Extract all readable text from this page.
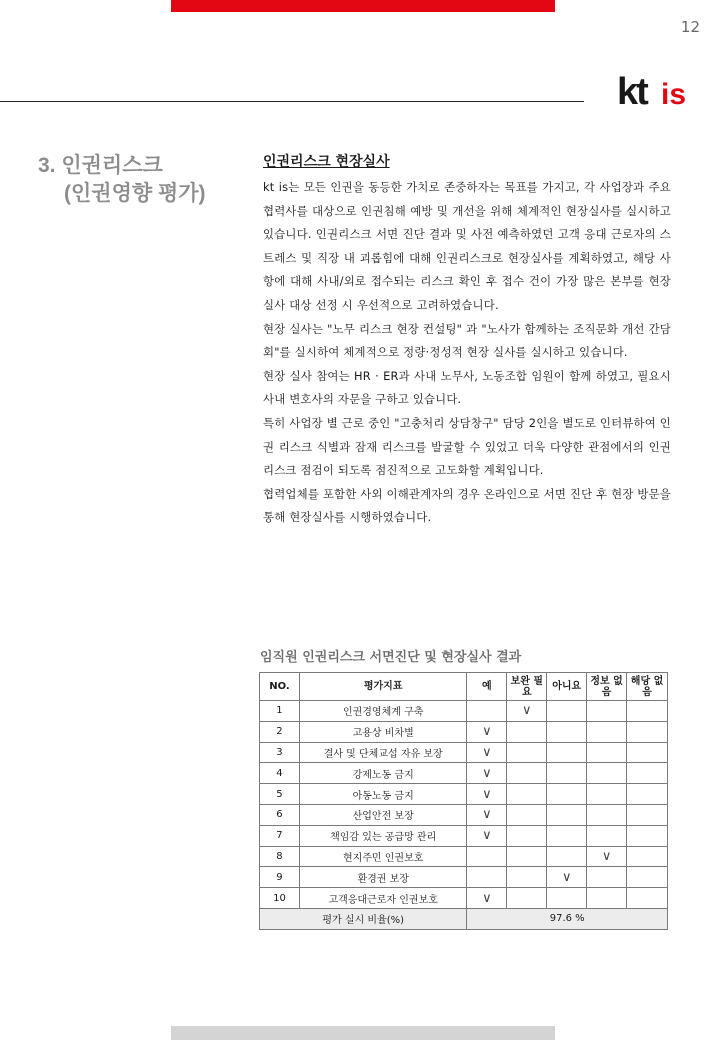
12
kt is
3. 인권리스크
(인권영향 평가)
인권리스크 현장실사

kt is는 모든 인권을 동등한 가치로 존중하자는 목표를 가지고, 각 사업장과 주요 협력사를 대상으로 인권침해 예방 및 개선을 위해 체계적인 현장실사를 실시하고 있습니다. 인권리스크 서면 진단 결과 및 사전 예측하였던 고객 응대 근로자의 스트레스 및 직장 내 괴롭힘에 대해 인권리스크로 현장실사를 계획하였고, 해당 사항에 대해 사내/외로 접수되는 리스크 확인 후 접수 건이 가장 많은 본부를 현장실사 대상 선정 시 우선적으로 고려하였습니다.

현장 실사는 "노무 리스크 현장 컨설팅" 과 "노사가 함께하는 조직문화 개선 간담회"를 실시하여 체계적으로 정량·정성적 현장 실사를 실시하고 있습니다.

현장 실사 참여는 HR · ER과 사내 노무사, 노동조합 임원이 함께 하였고, 필요시 사내 변호사의 자문을 구하고 있습니다.

특히 사업장 별 근로 중인 "고충처리 상담창구" 담당 2인을 별도로 인터뷰하여 인권 리스크 식별과 잠재 리스크를 발굴할 수 있었고 더욱 다양한 관점에서의 인권 리스크 점검이 되도록 점진적으로 고도화할 계획입니다.

협력업체를 포함한 사외 이해관계자의 경우 온라인으로 서면 진단 후 현장 방문을 통해 현장실사를 시행하였습니다.

임직원 인권리스크 서면진단 및 현장실사 결과
NO.	평가지표	예	보완 필요	아니요	정보 없음	해당 없음
1	인권경영체계 구축		∨			
2	고용상 비차별	∨				
3	결사 및 단체교섭 자유 보장	∨				
4	강제노동 금지	∨				
5	아동노동 금지	∨				
6	산업안전 보장	∨				
7	책임감 있는 공급망 관리	∨				
8	현지주민 인권보호				∨	
9	환경권 보장			∨		
10	고객응대근로자 인권보호	∨				
평가 실시 비율(%)		97.6 %				
